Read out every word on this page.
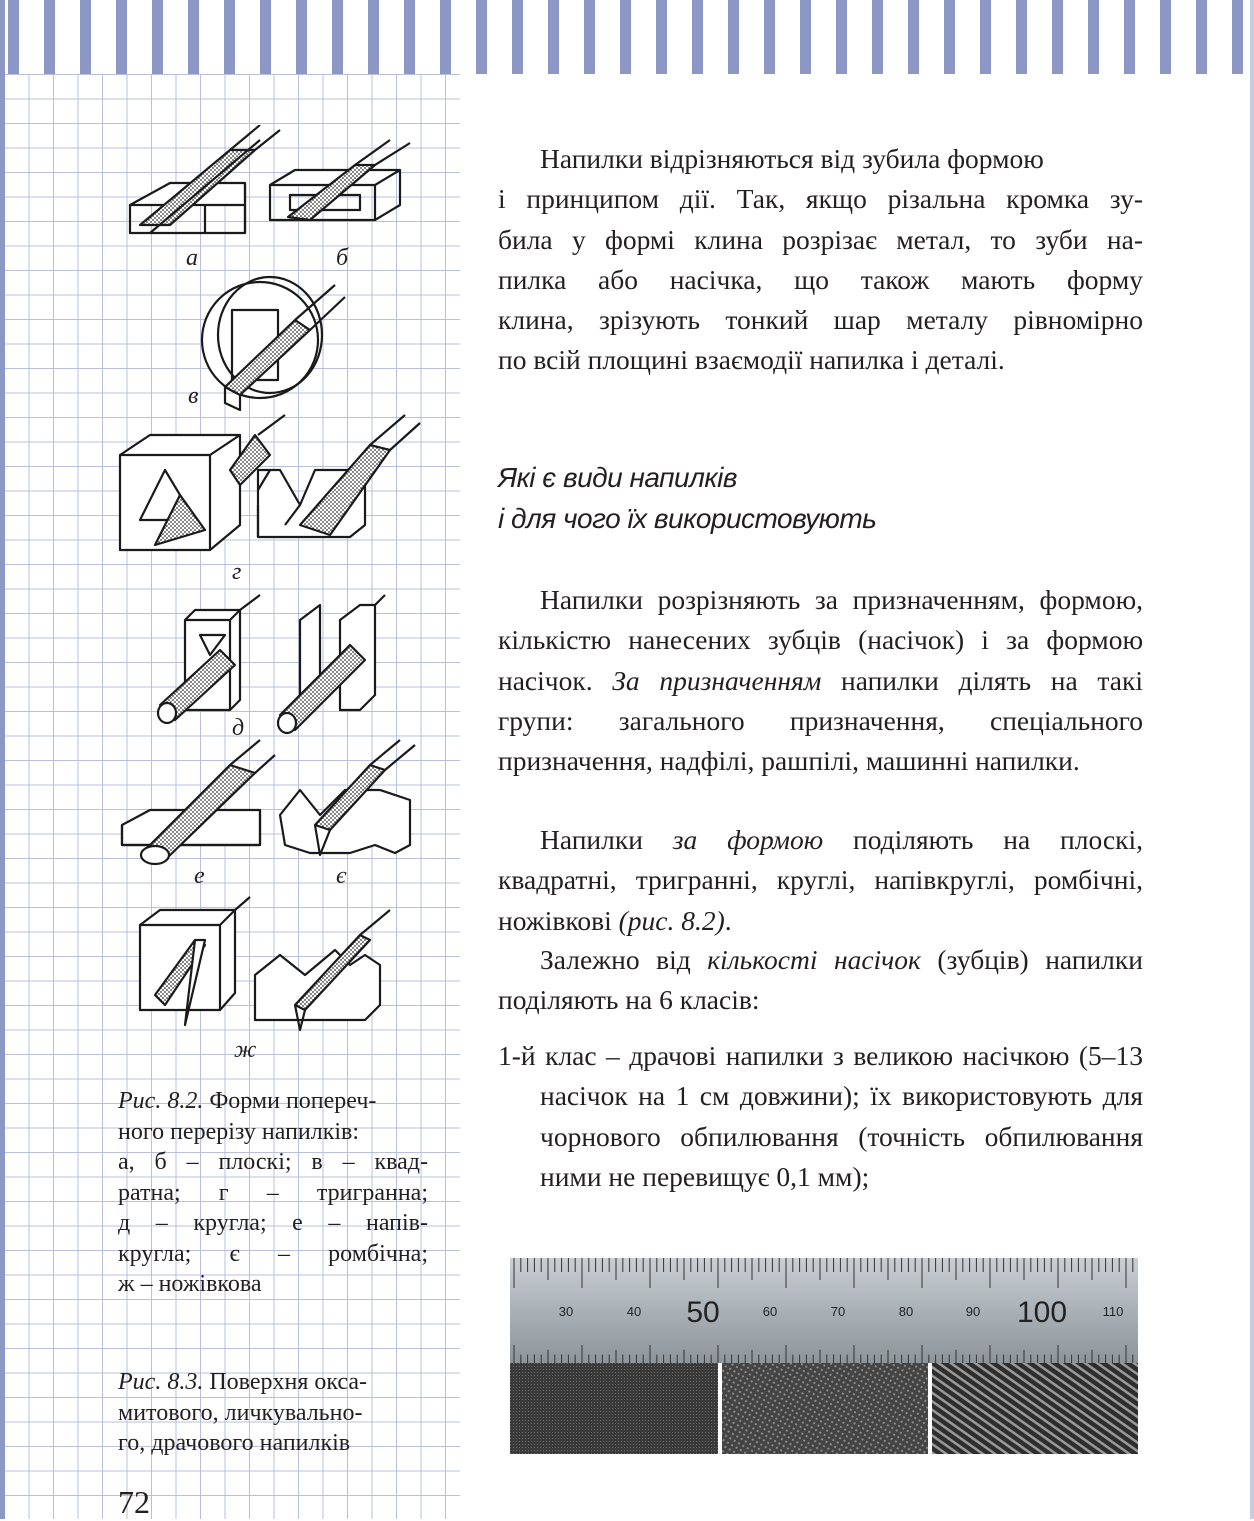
а	б
в
г
д
е	є
ж
Рис. 8.2. Форми попереч-
ного перерізу напилків:
а, б – плоскі; в – квад-
ратна; г – тригранна;
д – кругла; е – напів-
кругла; є – ромбічна;
ж – ножівкова
Рис. 8.3. Поверхня окса-
митового, личкувально-
го, драчового напилків
72
Напилки відрізняються від зубила формою
і принципом дії. Так, якщо різальна кромка зу-
била у формі клина розрізає метал, то зуби на-
пилка або насічка, що також мають форму
клина, зрізують тонкий шар металу рівномірно
по всій площині взаємодії напилка і деталі.
Які є види напилків
і для чого їх використовують

Напилки розрізняють за призначенням, формою, кількістю нанесених зубців (насічок) і за формою насічок. За призначенням напилки ділять на такі групи: загального призначення, спеціального призначення, надфілі, рашпілі, машинні напилки.

Напилки за формою поділяють на плоскі, квадратні, тригранні, круглі, напівкруглі, ромбічні, ножівкові (рис. 8.2).

Залежно від кількості насічок (зубців) напилки поділяють на 6 класів:

1-й клас – драчові напилки з великою насічкою (5–13 насічок на 1 см довжини); їх використовують для чорнового обпилювання (точність обпилювання ними не перевищує 0,1 мм);
30	40 50	60	70	80	90 100	110
